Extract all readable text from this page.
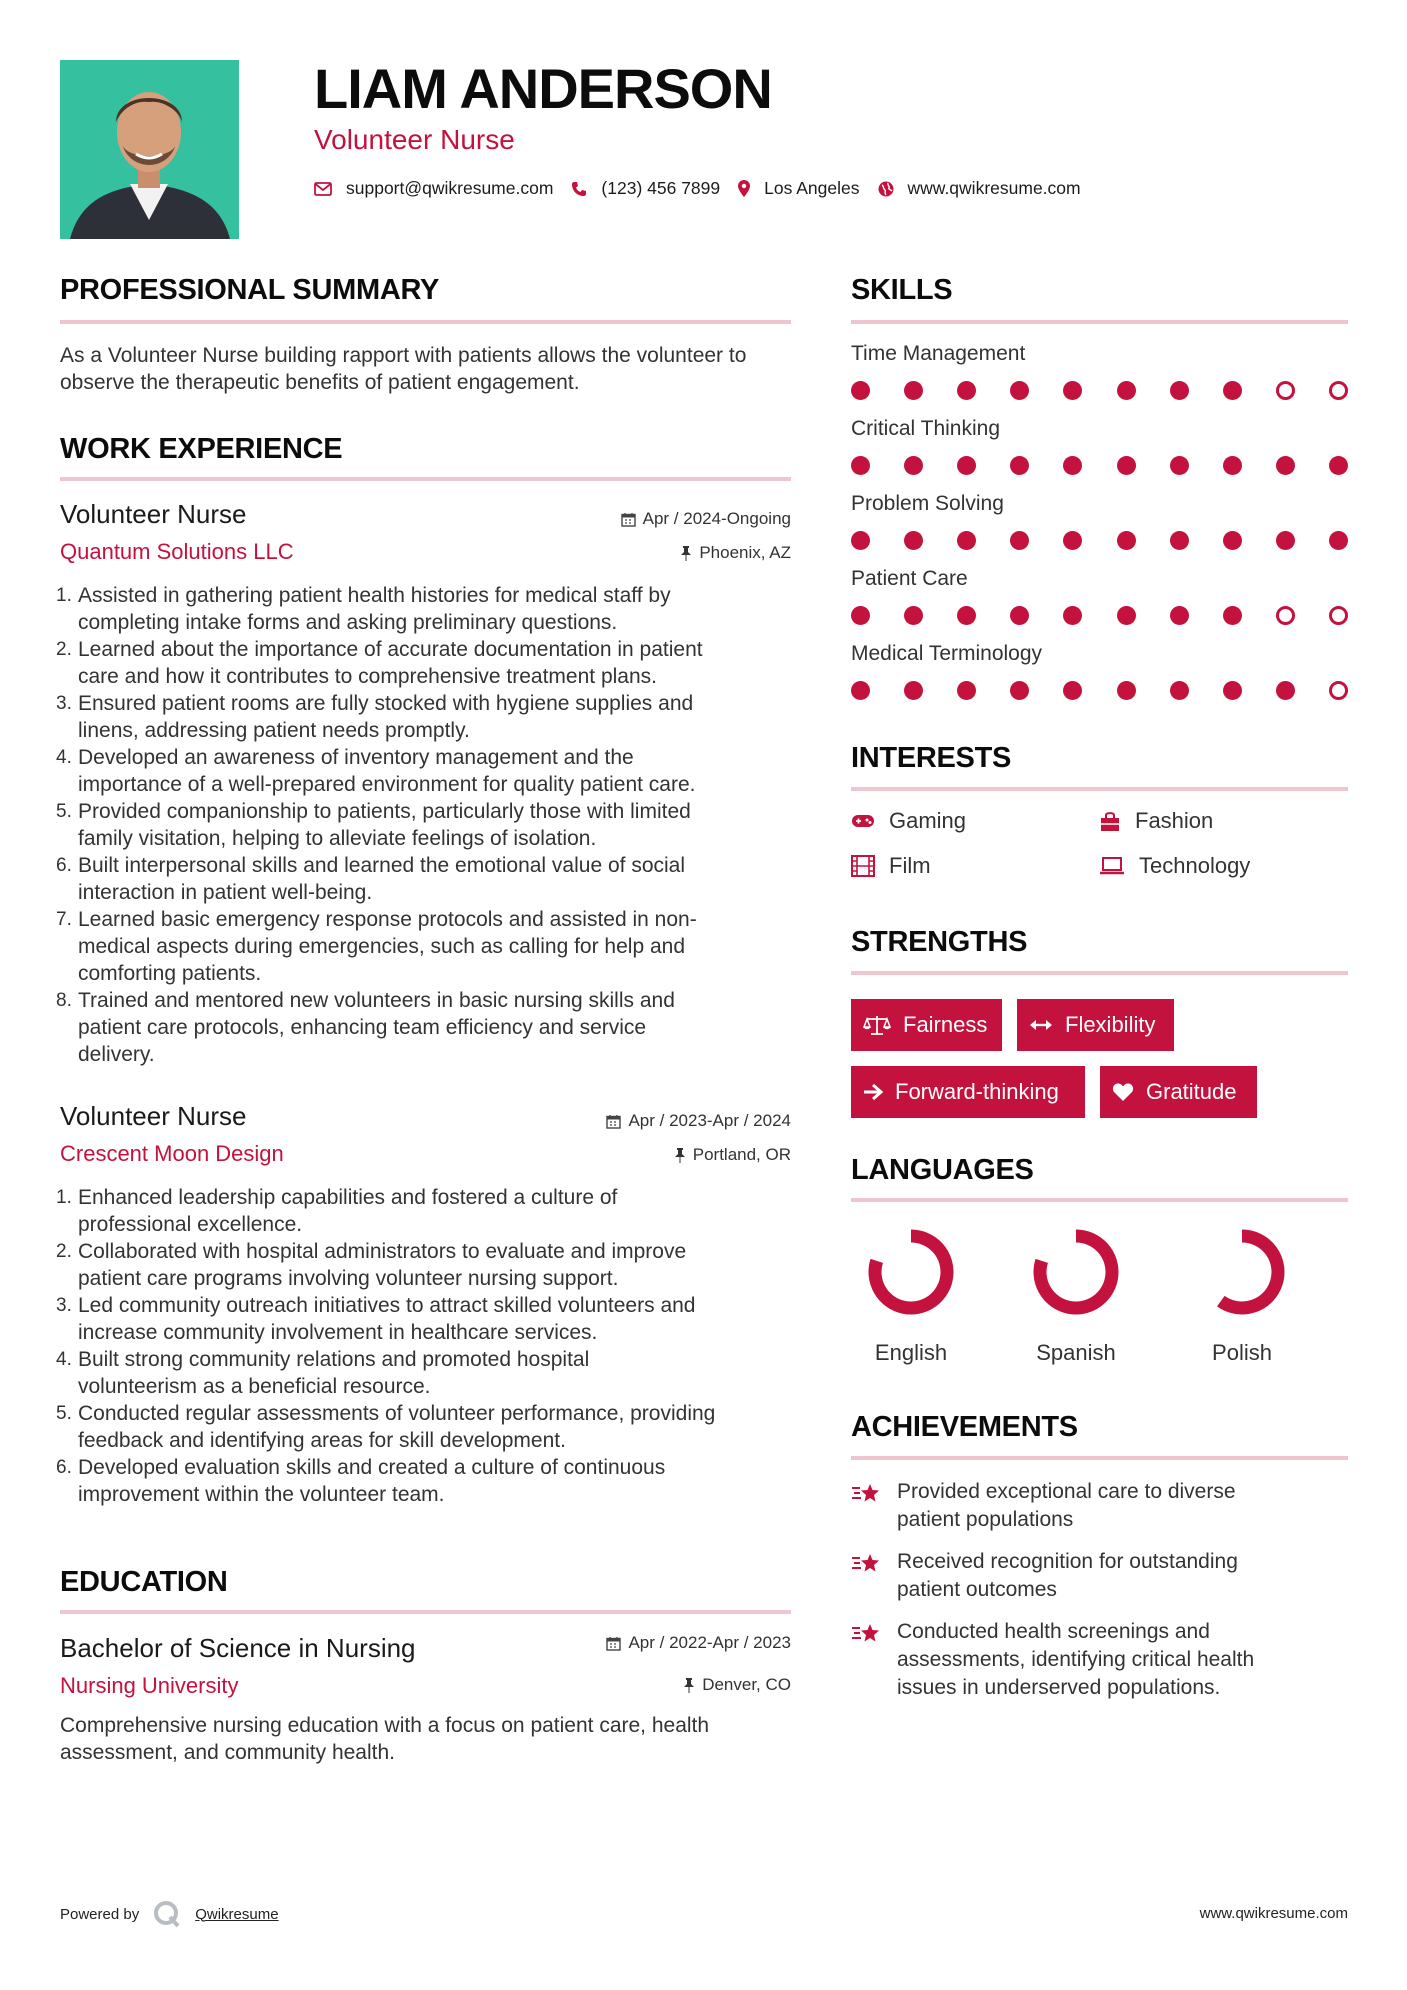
LIAM ANDERSON
Volunteer Nurse
support@qwikresume.com	(123) 456 7899	Los Angeles	www.qwikresume.com
PROFESSIONAL SUMMARY
As a Volunteer Nurse building rapport with patients allows the volunteer to observe the therapeutic benefits of patient engagement.
WORK EXPERIENCE
Volunteer Nurse	Apr / 2024-Ongoing
Quantum Solutions LLC	Phoenix, AZ
1. Assisted in gathering patient health histories for medical staff by
completing intake forms and asking preliminary questions.
2. Learned about the importance of accurate documentation in patient
care and how it contributes to comprehensive treatment plans.
3. Ensured patient rooms are fully stocked with hygiene supplies and
linens, addressing patient needs promptly.
4. Developed an awareness of inventory management and the
importance of a well-prepared environment for quality patient care.
5. Provided companionship to patients, particularly those with limited
family visitation, helping to alleviate feelings of isolation.
6. Built interpersonal skills and learned the emotional value of social
interaction in patient well-being.
7. Learned basic emergency response protocols and assisted in non-
medical aspects during emergencies, such as calling for help and
comforting patients.
8. Trained and mentored new volunteers in basic nursing skills and
patient care protocols, enhancing team efficiency and service
delivery.
Volunteer Nurse	Apr / 2023-Apr / 2024
Crescent Moon Design	Portland, OR
1. Enhanced leadership capabilities and fostered a culture of
professional excellence.
2. Collaborated with hospital administrators to evaluate and improve
patient care programs involving volunteer nursing support.
3. Led community outreach initiatives to attract skilled volunteers and
increase community involvement in healthcare services.
4. Built strong community relations and promoted hospital
volunteerism as a beneficial resource.
5. Conducted regular assessments of volunteer performance, providing
feedback and identifying areas for skill development.
6. Developed evaluation skills and created a culture of continuous
improvement within the volunteer team.
EDUCATION
Bachelor of Science in Nursing	Apr / 2022-Apr / 2023
Nursing University	Denver, CO
Comprehensive nursing education with a focus on patient care, health
assessment, and community health.
SKILLS
Time Management
Critical Thinking
Problem Solving
Patient Care
Medical Terminology
INTERESTS
Gaming	Fashion
Film	Technology
STRENGTHS
Fairness	Flexibility
Forward-thinking	Gratitude
LANGUAGES
English	Spanish	Polish
ACHIEVEMENTS
Provided exceptional care to diverse
patient populations
Received recognition for outstanding
patient outcomes
Conducted health screenings and
assessments, identifying critical health
issues in underserved populations.
Powered by	Qwikresume	www.qwikresume.com
